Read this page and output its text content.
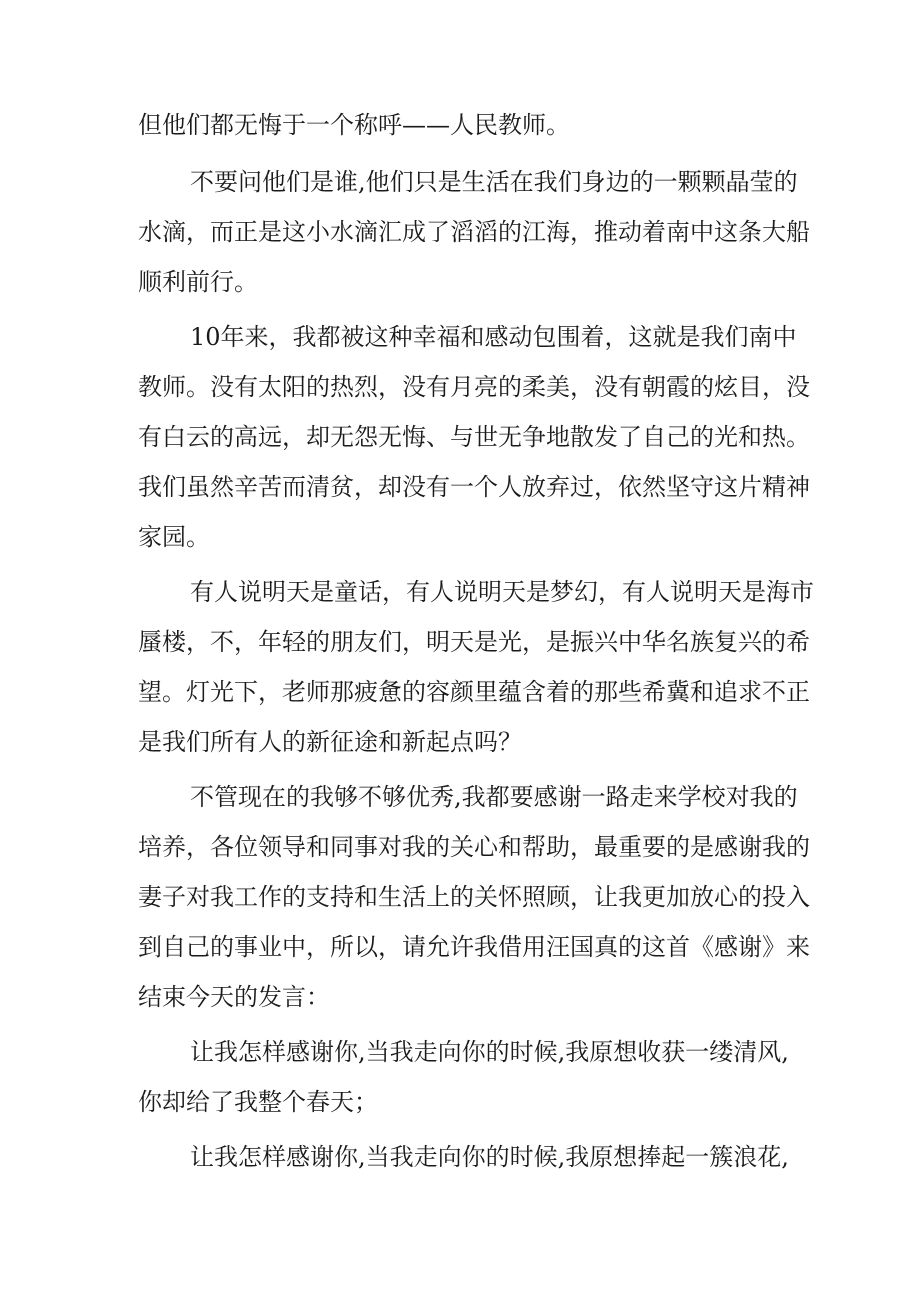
但他们都无悔于一个称呼——人民教师。
不要问他们是谁,他们只是生活在我们身边的一颗颗晶莹的
水滴，而正是这小水滴汇成了滔滔的江海，推动着南中这条大船
顺利前行。
10年来，我都被这种幸福和感动包围着，这就是我们南中
教师。没有太阳的热烈，没有月亮的柔美，没有朝霞的炫目，没
有白云的高远，却无怨无悔、与世无争地散发了自己的光和热。
我们虽然辛苦而清贫，却没有一个人放弃过，依然坚守这片精神
家园。
有人说明天是童话，有人说明天是梦幻，有人说明天是海市
蜃楼，不，年轻的朋友们，明天是光，是振兴中华名族复兴的希
望。灯光下，老师那疲惫的容颜里蕴含着的那些希冀和追求不正
是我们所有人的新征途和新起点吗？
不管现在的我够不够优秀,我都要感谢一路走来学校对我的
培养，各位领导和同事对我的关心和帮助，最重要的是感谢我的
妻子对我工作的支持和生活上的关怀照顾，让我更加放心的投入
到自己的事业中，所以，请允许我借用汪国真的这首《感谢》来
结束今天的发言：
让我怎样感谢你,当我走向你的时候,我原想收获一缕清风,
你却给了我整个春天；
让我怎样感谢你,当我走向你的时候,我原想捧起一簇浪花,
